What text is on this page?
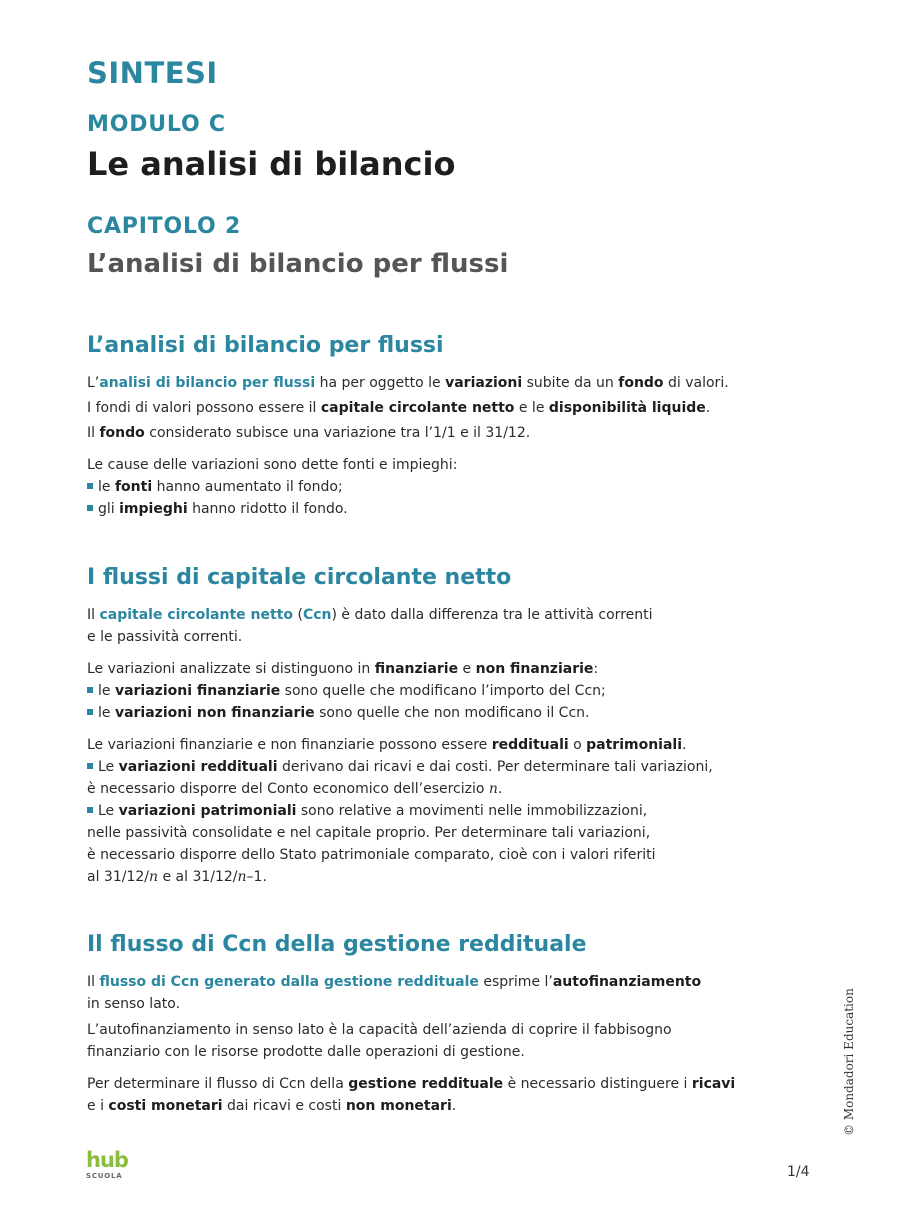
SINTESI
MODULO C
Le analisi di bilancio
CAPITOLO 2
L’analisi di bilancio per flussi
L’analisi di bilancio per flussi

L’analisi di bilancio per flussi ha per oggetto le variazioni subite da un fondo di valori.

I fondi di valori possono essere il capitale circolante netto e le disponibilità liquide.

Il fondo considerato subisce una variazione tra l’1/1 e il 31/12.

Le cause delle variazioni sono dette fonti e impieghi:

le fonti hanno aumentato il fondo;
gli impieghi hanno ridotto il fondo.
I flussi di capitale circolante netto

Il capitale circolante netto (Ccn) è dato dalla differenza tra le attività correnti
e le passività correnti.

Le variazioni analizzate si distinguono in finanziarie e non finanziarie:

le variazioni finanziarie sono quelle che modificano l’importo del Ccn;
le variazioni non finanziarie sono quelle che non modificano il Ccn.

Le variazioni finanziarie e non finanziarie possono essere reddituali o patrimoniali.

Le variazioni reddituali derivano dai ricavi e dai costi. Per determinare tali variazioni,
è necessario disporre del Conto economico dell’esercizio n.

Le variazioni patrimoniali sono relative a movimenti nelle immobilizzazioni,
nelle passività consolidate e nel capitale proprio. Per determinare tali variazioni,
è necessario disporre dello Stato patrimoniale comparato, cioè con i valori riferiti
al 31/12/n e al 31/12/n–1.

Il flusso di Ccn della gestione reddituale

Il flusso di Ccn generato dalla gestione reddituale esprime l’autofinanziamento
in senso lato.

L’autofinanziamento in senso lato è la capacità dell’azienda di coprire il fabbisogno
finanziario con le risorse prodotte dalle operazioni di gestione.

Per determinare il flusso di Ccn della gestione reddituale è necessario distinguere i ricavi
e i costi monetari dai ricavi e costi non monetari.

hub
SCUOLA	1/4
© Mondadori Education
